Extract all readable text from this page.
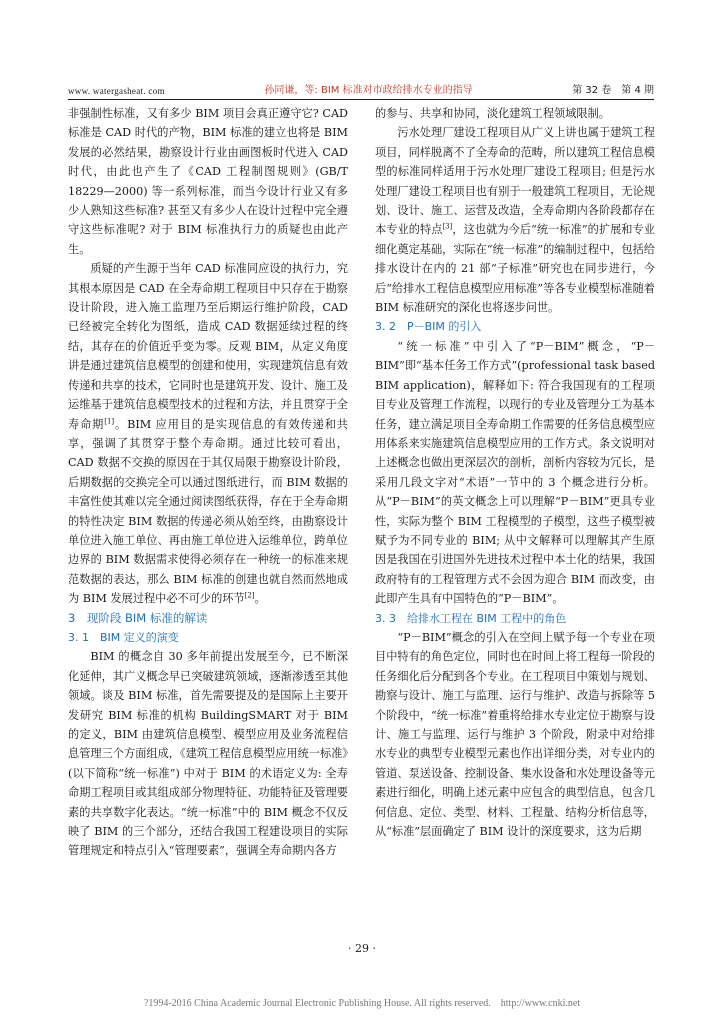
www. watergasheat. com	孙同谦，等: BIM 标准对市政给排水专业的指导	第 32 卷　第 4 期

非强制性标准，又有多少 BIM 项目会真正遵守它? CAD 标准是 CAD 时代的产物，BIM 标准的建立也将是 BIM 发展的必然结果，勘察设计行业由画图板时代进入 CAD 时代，由此也产生了《CAD 工程制图规则》(GB/T 18229—2000) 等一系列标准，而当今设计行业又有多少人熟知这些标准? 甚至又有多少人在设计过程中完全遵守这些标准呢? 对于 BIM 标准执行力的质疑也由此产生。

质疑的产生源于当年 CAD 标准同应设的执行力，究其根本原因是 CAD 在全寿命期工程项目中只存在于勘察设计阶段，进入施工监理乃至后期运行维护阶段，CAD 已经被完全转化为图纸，造成 CAD 数据延续过程的终结，其存在的价值近乎变为零。反观 BIM，从定义角度讲是通过建筑信息模型的创建和使用，实现建筑信息有效传递和共享的技术，它同时也是建筑开发、设计、施工及运维基于建筑信息模型技术的过程和方法，并且贯穿于全寿命期[1]。BIM 应用目的是实现信息的有效传递和共享，强调了其贯穿于整个寿命期。通过比较可看出，CAD 数据不交换的原因在于其仅局限于勘察设计阶段，后期数据的交换完全可以通过图纸进行，而 BIM 数据的丰富性使其难以完全通过阅读图纸获得，存在于全寿命期的特性决定 BIM 数据的传递必须从始至终，由勘察设计单位进入施工单位、再由施工单位进入运维单位，跨单位边界的 BIM 数据需求使得必须存在一种统一的标准来规范数据的表达，那么 BIM 标准的创建也就自然而然地成为 BIM 发展过程中必不可少的环节[2]。

3　现阶段 BIM 标准的解读
3. 1　BIM 定义的演变

BIM 的概念自 30 多年前提出发展至今，已不断深化延伸，其广义概念早已突破建筑领域，逐渐渗透至其他领域。谈及 BIM 标准，首先需要提及的是国际上主要开发研究 BIM 标准的机构 BuildingSMART 对于 BIM 的定义，BIM 由建筑信息模型、模型应用及业务流程信息管理三个方面组成，《建筑工程信息模型应用统一标准》(以下简称“统一标准”) 中对于 BIM 的术语定义为: 全寿命期工程项目或其组成部分物理特征、功能特征及管理要素的共享数字化表达。“统一标准”中的 BIM 概念不仅反映了 BIM 的三个部分，还结合我国工程建设项目的实际管理规定和特点引入“管理要素”，强调全寿命期内各方

的参与、共享和协同，淡化建筑工程领域限制。

污水处理厂建设工程项目从广义上讲也属于建筑工程项目，同样脱离不了全寿命的范畴，所以建筑工程信息模型的标准同样适用于污水处理厂建设工程项目; 但是污水处理厂建设工程项目也有别于一般建筑工程项目，无论规划、设计、施工、运营及改造，全寿命期内各阶段都存在本专业的特点[3]，这也就为今后“统一标准”的扩展和专业细化奠定基础，实际在“统一标准”的编制过程中，包括给排水设计在内的 21 部“子标准”研究也在同步进行，今后“给排水工程信息模型应用标准”等各专业模型标准随着 BIM 标准研究的深化也将逐步问世。

3. 2　P－BIM 的引入

“统一标准”中引入了“P－BIM”概念，“P－BIM”即“基本任务工作方式”(professional task based BIM application)，解释如下: 符合我国现有的工程项目专业及管理工作流程，以现行的专业及管理分工为基本任务，建立满足项目全寿命期工作需要的任务信息模型应用体系来实施建筑信息模型应用的工作方式。条文说明对上述概念也做出更深层次的剖析，剖析内容较为冗长，是采用几段文字对“术语”一节中的 3 个概念进行分析。从“P－BIM”的英文概念上可以理解“P－BIM”更具专业性，实际为整个 BIM 工程模型的子模型，这些子模型被赋予为不同专业的 BIM; 从中文解释可以理解其产生原因是我国在引进国外先进技术过程中本土化的结果，我国政府特有的工程管理方式不会因为迎合 BIM 而改变，由此即产生具有中国特色的“P－BIM”。

3. 3　给排水工程在 BIM 工程中的角色

“P－BIM”概念的引入在空间上赋予每一个专业在项目中特有的角色定位，同时也在时间上将工程每一阶段的任务细化后分配到各个专业。在工程项目中策划与规划、勘察与设计、施工与监理、运行与维护、改造与拆除等 5 个阶段中，“统一标准”着重将给排水专业定位于勘察与设计、施工与监理、运行与维护 3 个阶段，附录中对给排水专业的典型专业模型元素也作出详细分类，对专业内的管道、泵送设备、控制设备、集水设备和水处理设备等元素进行细化，明确上述元素中应包含的典型信息，包含几何信息、定位、类型、材料、工程量、结构分析信息等，从“标准”层面确定了 BIM 设计的深度要求，这为后期

· 29 ·
?1994-2016 China Academic Journal Electronic Publishing House. All rights reserved.　http://www.cnki.net
